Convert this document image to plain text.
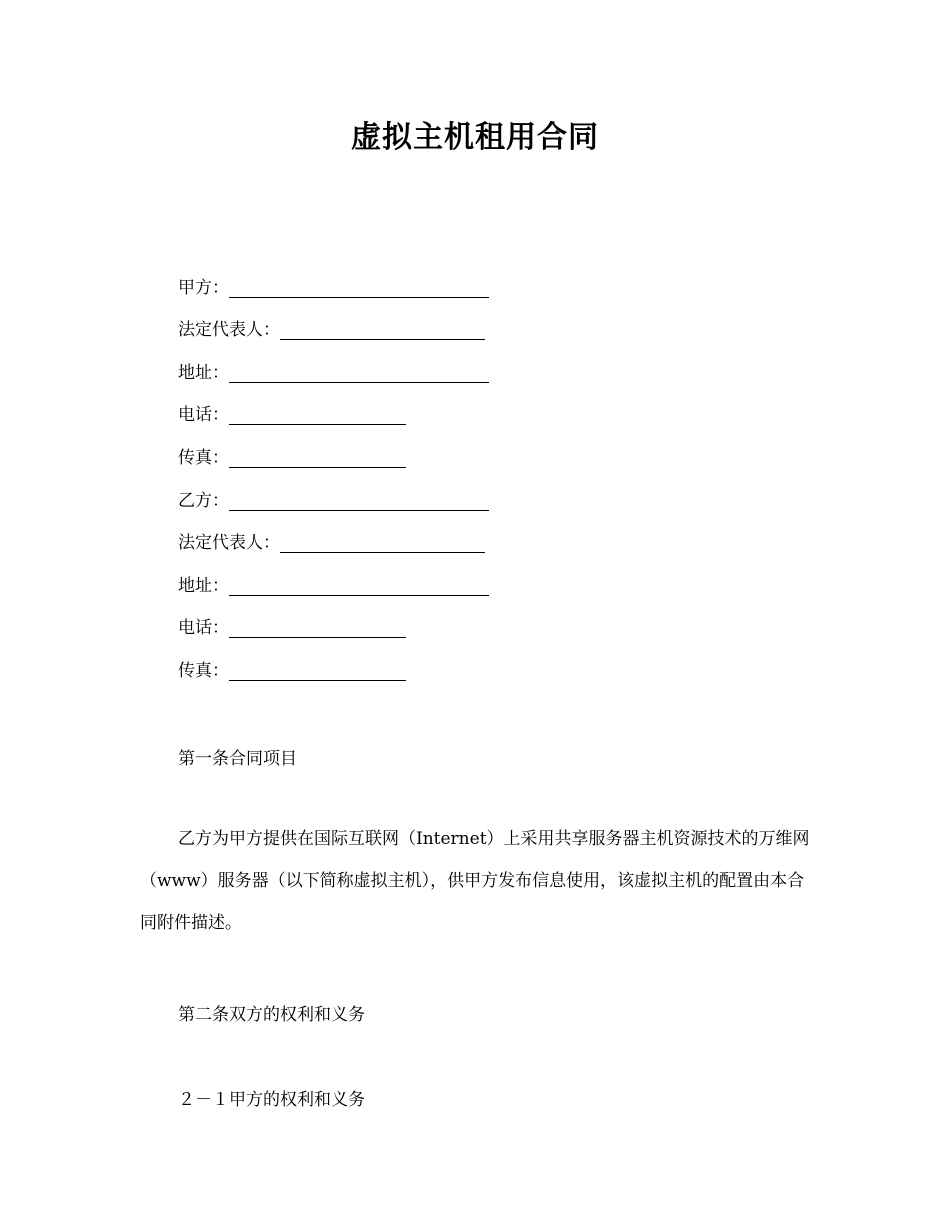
虚拟主机租用合同
甲方：
法定代表人：
地址：
电话：
传真：
乙方：
法定代表人：
地址：
电话：
传真：
第一条合同项目
乙方为甲方提供在国际互联网（Internet）上采用共享服务器主机资源技术的万维网（www）服务器（以下简称虚拟主机），供甲方发布信息使用，该虚拟主机的配置由本合同附件描述。
第二条双方的权利和义务
２－１甲方的权利和义务
